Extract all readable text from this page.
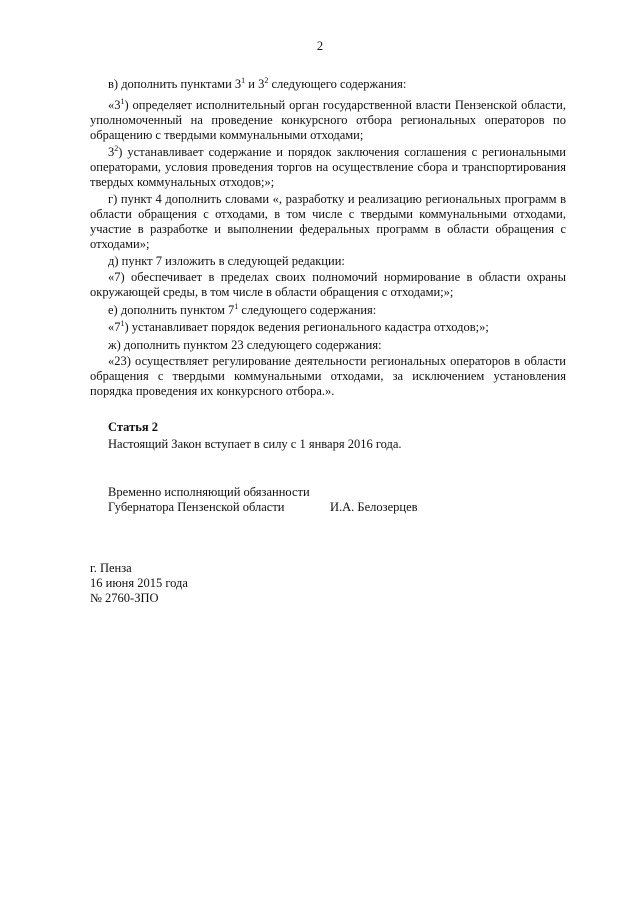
2
в) дополнить пунктами $3^1$ и $3^2$ следующего содержания:
«$3^1$) определяет исполнительный орган государственной власти Пензенской области, уполномоченный на проведение конкурсного отбора региональных операторов по обращению с твердыми коммунальными отходами;
$3^2$) устанавливает содержание и порядок заключения соглашения с региональными операторами, условия проведения торгов на осуществление сбора и транспортирования твердых коммунальных отходов;»;
г) пункт 4 дополнить словами «, разработку и реализацию региональных программ в области обращения с отходами, в том числе с твердыми коммунальными отходами, участие в разработке и выполнении федеральных программ в области обращения с отходами»;
д) пункт 7 изложить в следующей редакции:
«7) обеспечивает в пределах своих полномочий нормирование в области охраны окружающей среды, в том числе в области обращения с отходами;»;
е) дополнить пунктом $7^1$ следующего содержания:
«$7^1$) устанавливает порядок ведения регионального кадастра отходов;»;
ж) дополнить пунктом 23 следующего содержания:
«23) осуществляет регулирование деятельности региональных операторов в области обращения с твердыми коммунальными отходами, за исключением установления порядка проведения их конкурсного отбора.».
Статья 2
Настоящий Закон вступает в силу с 1 января 2016 года.
Временно исполняющий обязанности
Губернатора Пензенской области	И.А. Белозерцев
г. Пенза
16 июня 2015 года
№ 2760-ЗПО
